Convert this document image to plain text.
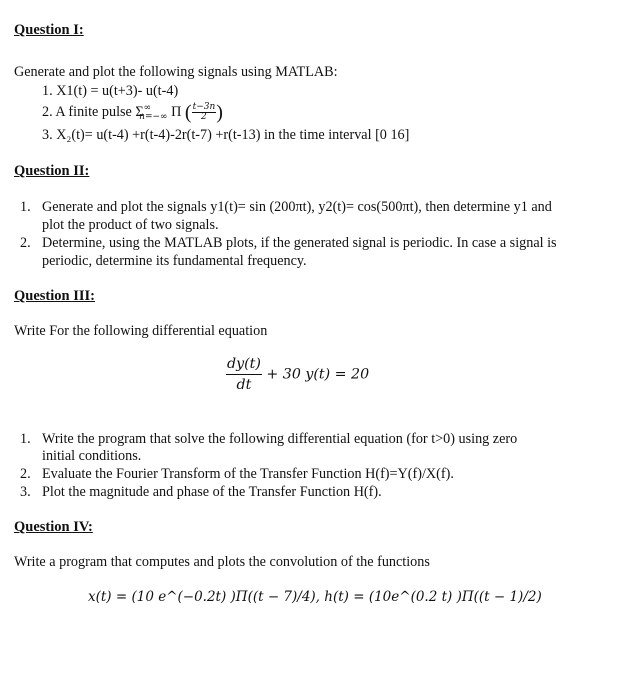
Question I:
Generate and plot the following signals using MATLAB:
1. X1(t) = u(t+3)- u(t-4)
2. A finite pulse $\Sigma^\infty_{n=-\infty}$ Π ( $\frac{t-3n}{2}$ )
3. X₂(t)= u(t-4) +r(t-4)-2r(t-7) +r(t-13) in the time interval [0 16]
Question II:
1. Generate and plot the signals y1(t)= sin (200πt), y2(t)= cos(500πt), then determine y1 and
plot the product of two signals.
2. Determine, using the MATLAB plots, if the generated signal is periodic. In case a signal is
periodic, determine its fundamental frequency.
Question III:
Write For the following differential equation
$\frac{dy(t)}{dt} + 30$ y(t) = 20
1. Write the program that solve the following differential equation (for t>0) using zero
initial conditions.
2. Evaluate the Fourier Transform of the Transfer Function H(f)=Y(f)/X(f).
3. Plot the magnitude and phase of the Transfer Function H(f).
Question IV:
Write a program that computes and plots the convolution of the functions
x(t) = (10 e^(−0.2t) )Π((t − 7)/4), h(t) = (10e^(0.2 t) )Π((t − 1)/2)
